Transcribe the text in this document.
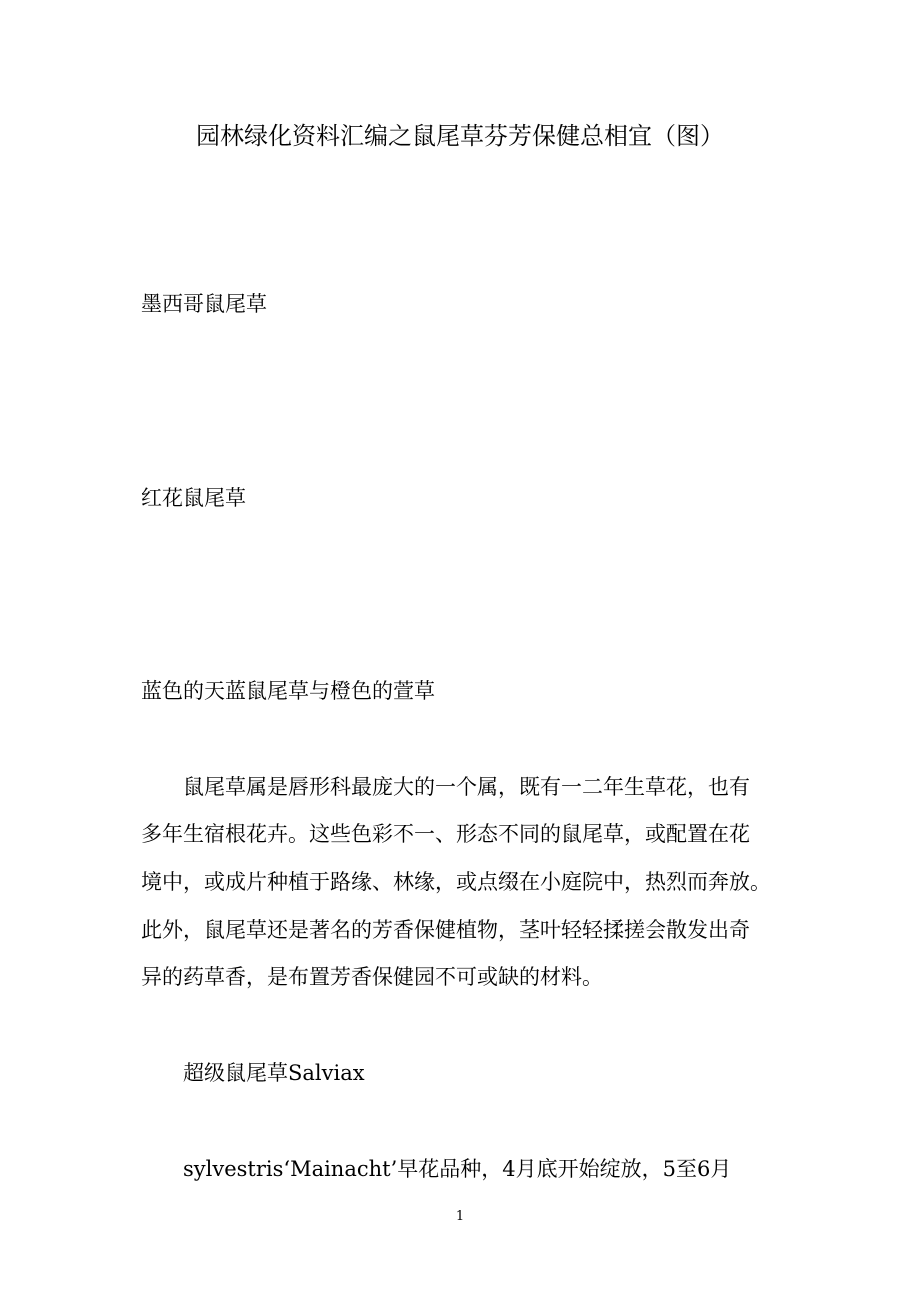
园林绿化资料汇编之鼠尾草芬芳保健总相宜（图）
墨西哥鼠尾草
红花鼠尾草
蓝色的天蓝鼠尾草与橙色的萱草
鼠尾草属是唇形科最庞大的一个属，既有一二年生草花，也有
多年生宿根花卉。这些色彩不一、形态不同的鼠尾草，或配置在花
境中，或成片种植于路缘、林缘，或点缀在小庭院中，热烈而奔放。
此外，鼠尾草还是著名的芳香保健植物，茎叶轻轻揉搓会散发出奇
异的药草香，是布置芳香保健园不可或缺的材料。
超级鼠尾草Salviax
sylvestris‘Mainacht’早花品种，4月底开始绽放，5至6月
1
